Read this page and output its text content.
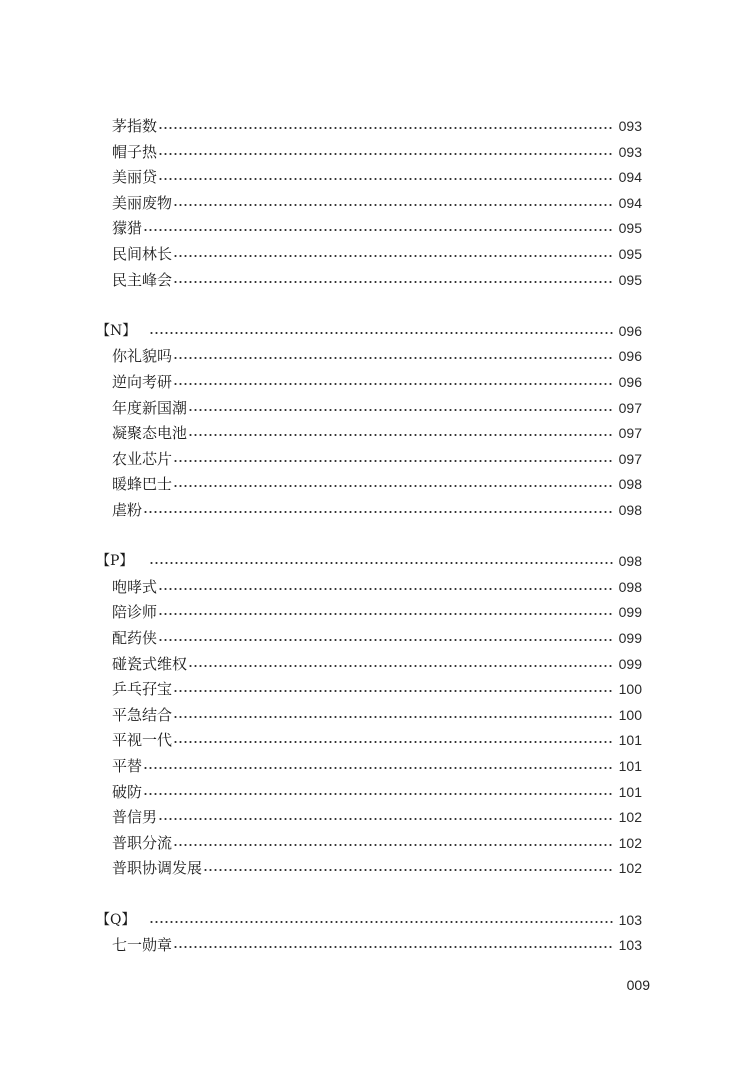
茅指数	093
帽子热	093
美丽贷	094
美丽废物	094
獴猎	095
民间林长	095
民主峰会	095
【N】	096
你礼貌吗	096
逆向考研	096
年度新国潮	097
凝聚态电池	097
农业芯片	097
暖蜂巴士	098
虐粉	098
【P】	098
咆哮式	098
陪诊师	099
配药侠	099
碰瓷式维权	099
乒乓孖宝	100
平急结合	100
平视一代	101
平替	101
破防	101
普信男	102
普职分流	102
普职协调发展	102
【Q】	103
七一勋章	103
009
